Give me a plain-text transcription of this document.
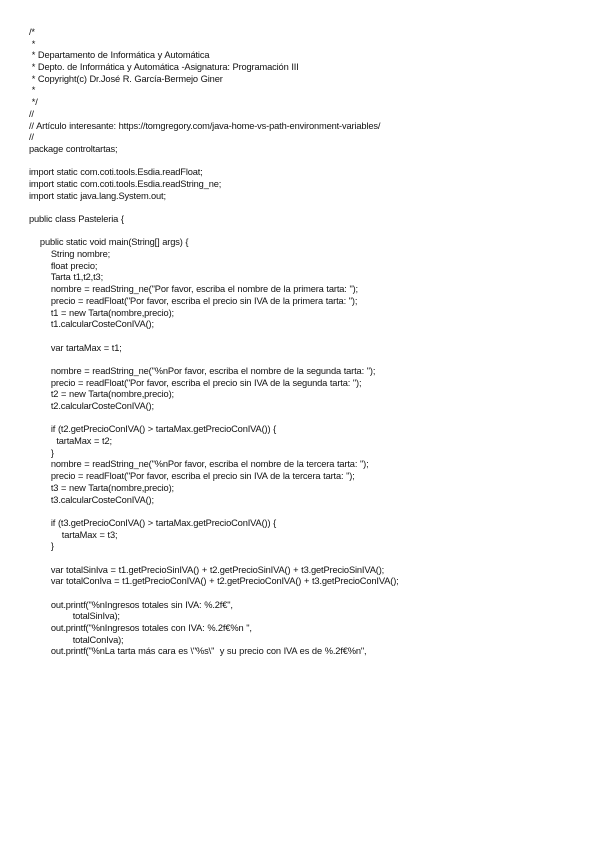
/*
*
* Departamento de Informática y Automática
* Depto. de Informática y Automática -Asignatura: Programación III
* Copyright(c) Dr.José R. García-Bermejo Giner
*
*/
//
// Artículo interesante: https://tomgregory.com/java-home-vs-path-environment-variables/
//
package controltartas;
import static com.coti.tools.Esdia.readFloat;
import static com.coti.tools.Esdia.readString_ne;
import static java.lang.System.out;
public class Pasteleria {
public static void main(String[] args) {
String nombre;
float precio;
Tarta t1,t2,t3;
nombre = readString_ne("Por favor, escriba el nombre de la primera tarta: ");
precio = readFloat("Por favor, escriba el precio sin IVA de la primera tarta: ");
t1 = new Tarta(nombre,precio);
t1.calcularCosteConIVA();
var tartaMax = t1;
nombre = readString_ne("%nPor favor, escriba el nombre de la segunda tarta: ");
precio = readFloat("Por favor, escriba el precio sin IVA de la segunda tarta: ");
t2 = new Tarta(nombre,precio);
t2.calcularCosteConIVA();
if (t2.getPrecioConIVA() > tartaMax.getPrecioConIVA()) {
tartaMax = t2;
}
nombre = readString_ne("%nPor favor, escriba el nombre de la tercera tarta: ");
precio = readFloat("Por favor, escriba el precio sin IVA de la tercera tarta: ");
t3 = new Tarta(nombre,precio);
t3.calcularCosteConIVA();
if (t3.getPrecioConIVA() > tartaMax.getPrecioConIVA()) {
tartaMax = t3;
}
var totalSinIva = t1.getPrecioSinIVA() + t2.getPrecioSinIVA() + t3.getPrecioSinIVA();
var totalConIva = t1.getPrecioConIVA() + t2.getPrecioConIVA() + t3.getPrecioConIVA();
out.printf("%nIngresos totales sin IVA: %.2f€",
totalSinIva);
out.printf("%nIngresos totales con IVA: %.2f€%n ",
totalConIva);
out.printf("%nLa tarta más cara es \"%s\"  y su precio con IVA es de %.2f€%n",
